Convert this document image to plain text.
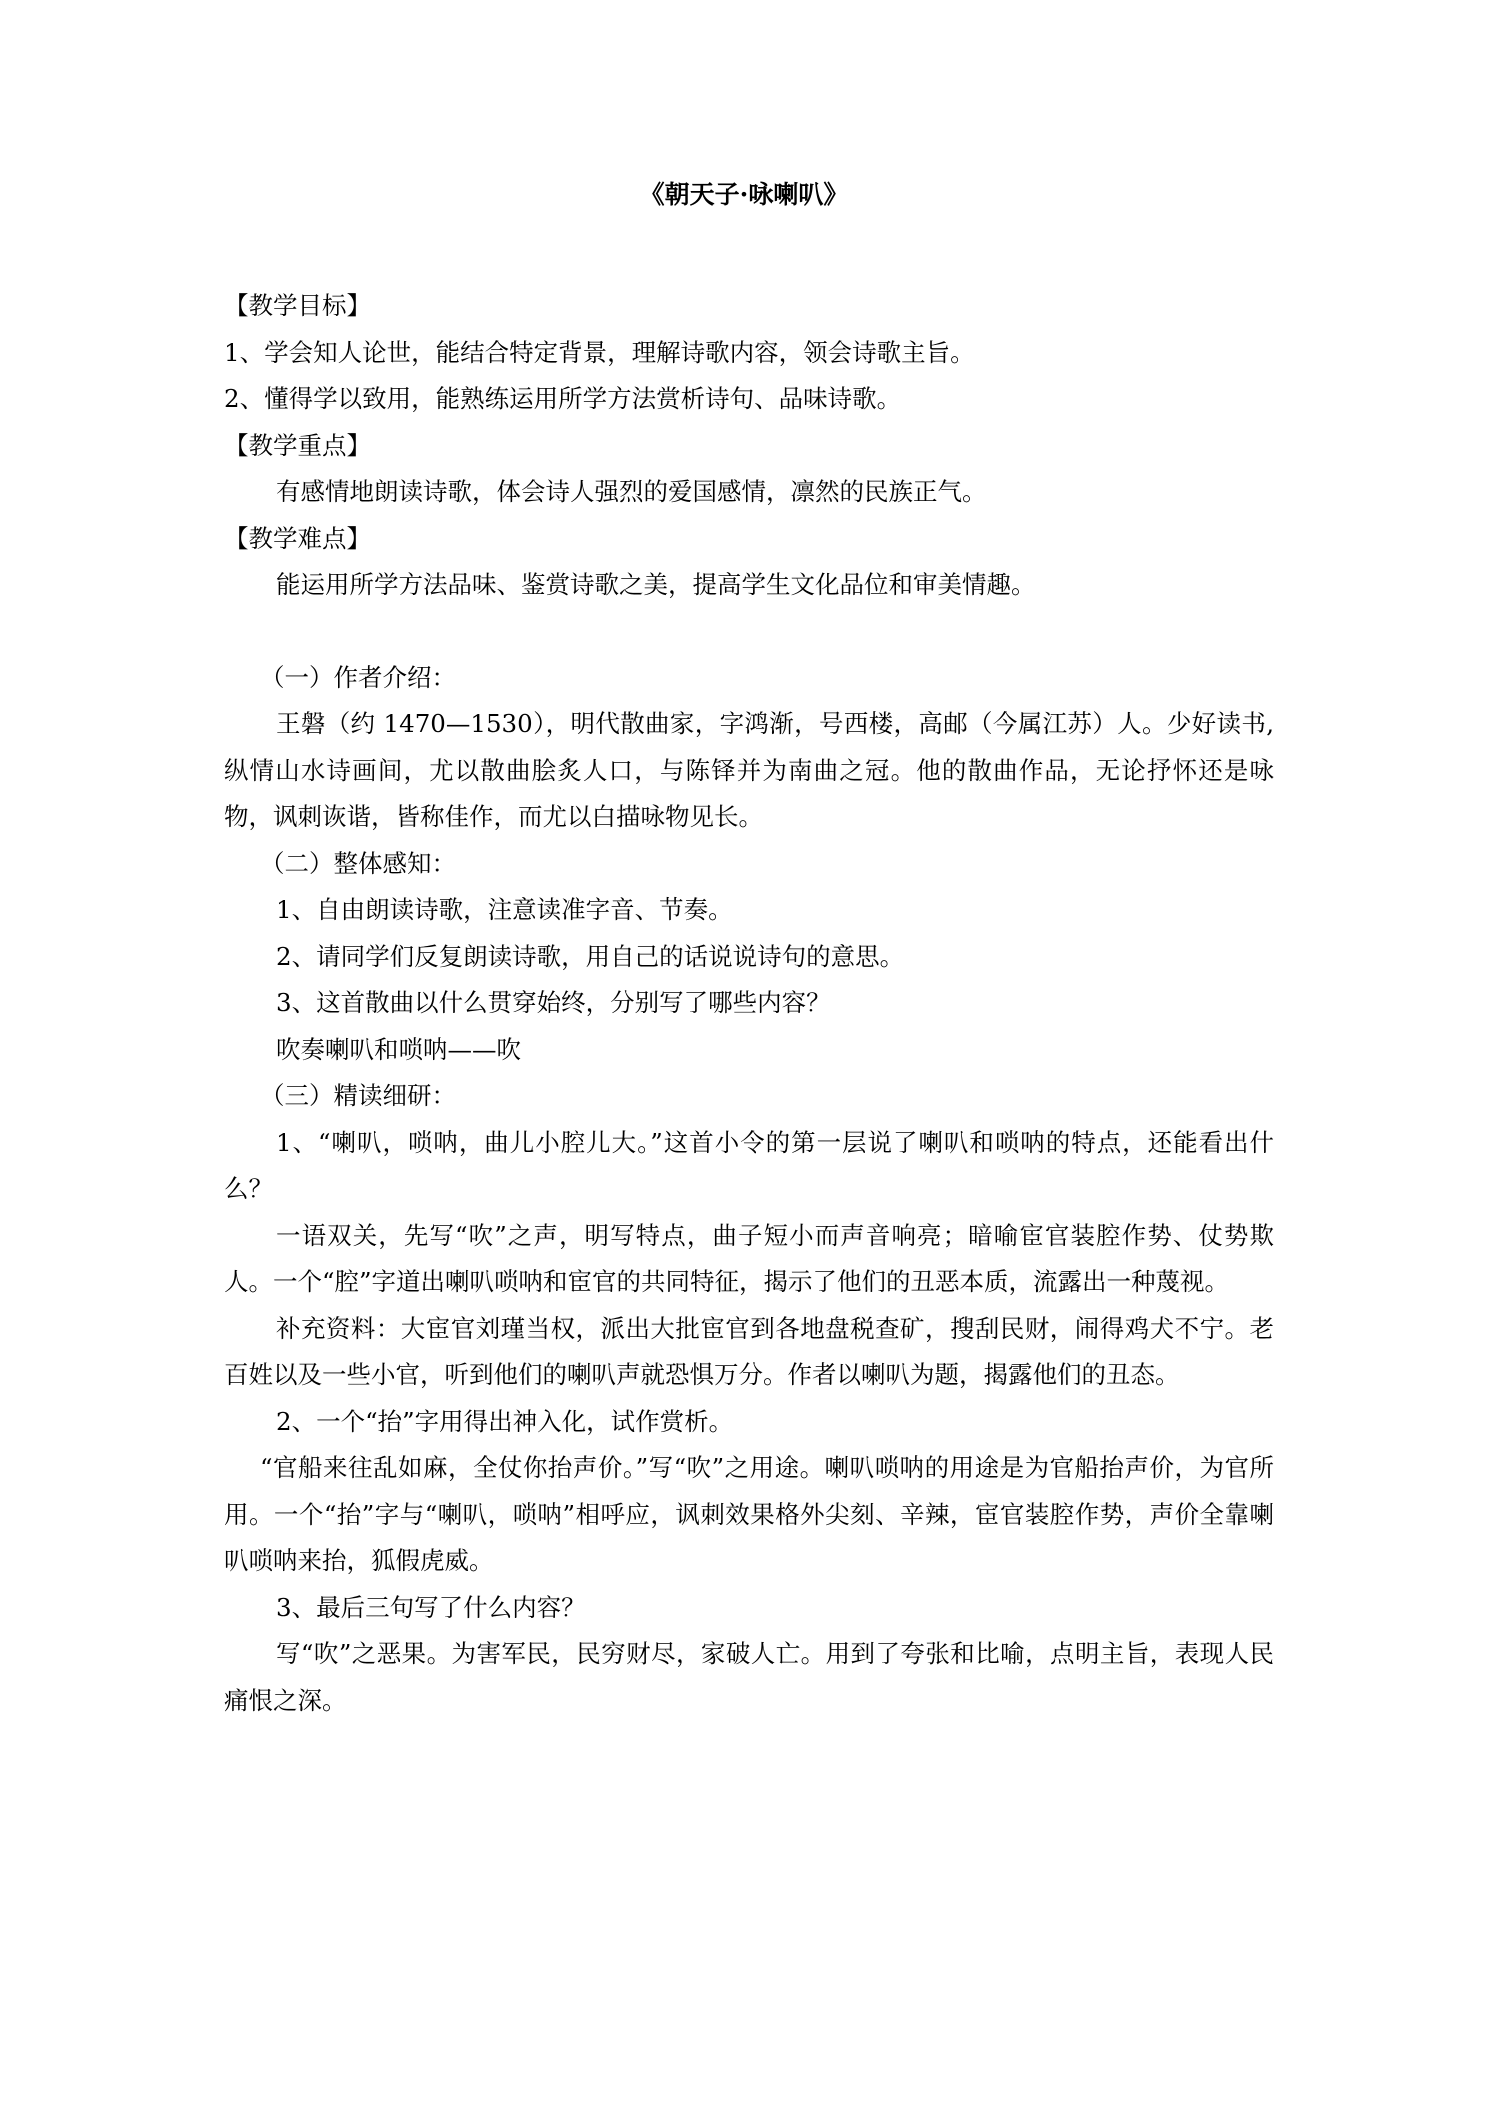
《朝天子·咏喇叭》

【教学目标】

1、学会知人论世，能结合特定背景，理解诗歌内容，领会诗歌主旨。

2、懂得学以致用，能熟练运用所学方法赏析诗句、品味诗歌。

【教学重点】

有感情地朗读诗歌，体会诗人强烈的爱国感情，凛然的民族正气。

【教学难点】

能运用所学方法品味、鉴赏诗歌之美，提高学生文化品位和审美情趣。

（一）作者介绍：

王磐（约 1470—1530），明代散曲家，字鸿渐，号西楼，高邮（今属江苏）人。少好读书,纵情山水诗画间，尤以散曲脍炙人口，与陈铎并为南曲之冠。他的散曲作品，无论抒怀还是咏物，讽刺诙谐，皆称佳作，而尤以白描咏物见长。

（二）整体感知：

1、自由朗读诗歌，注意读准字音、节奏。

2、请同学们反复朗读诗歌，用自己的话说说诗句的意思。

3、这首散曲以什么贯穿始终，分别写了哪些内容？

吹奏喇叭和唢呐——吹

（三）精读细研：

1、“喇叭，唢呐，曲儿小腔儿大。”这首小令的第一层说了喇叭和唢呐的特点，还能看出什么？

一语双关，先写“吹”之声，明写特点，曲子短小而声音响亮；暗喻宦官装腔作势、仗势欺人。一个“腔”字道出喇叭唢呐和宦官的共同特征，揭示了他们的丑恶本质，流露出一种蔑视。

补充资料：大宦官刘瑾当权，派出大批宦官到各地盘税查矿，搜刮民财，闹得鸡犬不宁。老百姓以及一些小官，听到他们的喇叭声就恐惧万分。作者以喇叭为题，揭露他们的丑态。

2、一个“抬”字用得出神入化，试作赏析。

“官船来往乱如麻，全仗你抬声价。”写“吹”之用途。喇叭唢呐的用途是为官船抬声价，为官所用。一个“抬”字与“喇叭，唢呐”相呼应，讽刺效果格外尖刻、辛辣，宦官装腔作势，声价全靠喇叭唢呐来抬，狐假虎威。

3、最后三句写了什么内容？

写“吹”之恶果。为害军民，民穷财尽，家破人亡。用到了夸张和比喻，点明主旨，表现人民痛恨之深。
